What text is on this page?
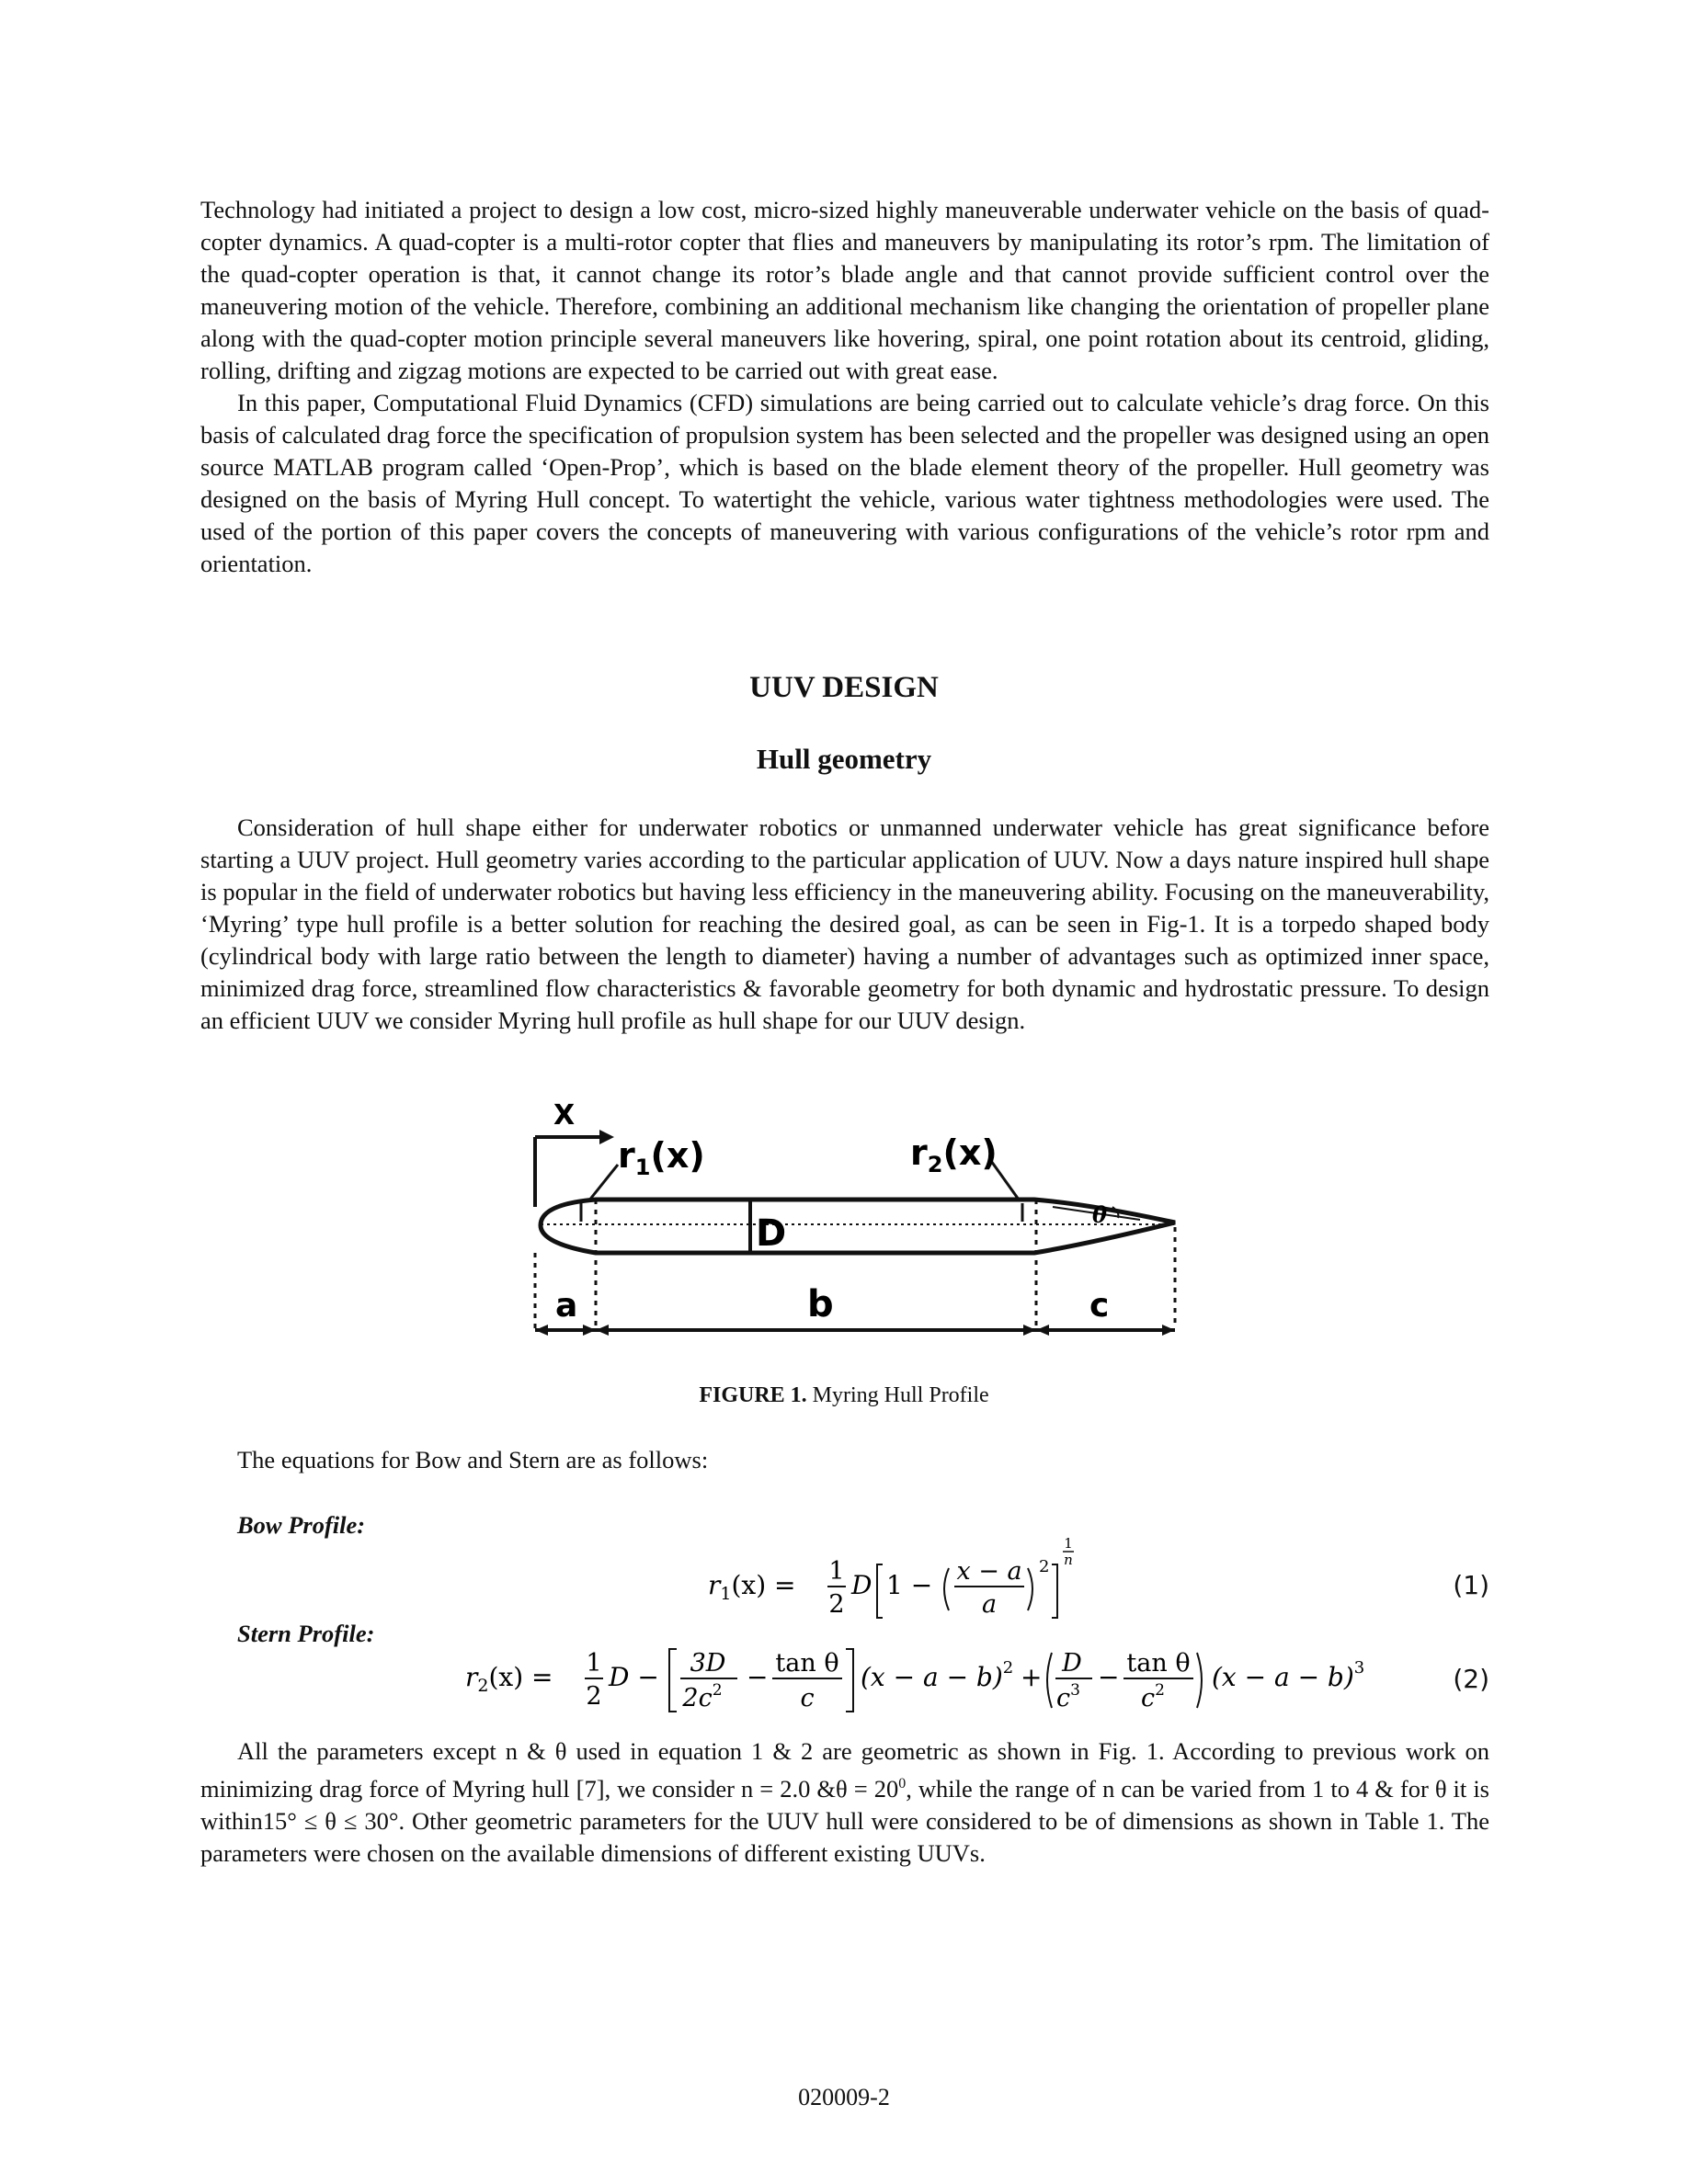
Technology had initiated a project to design a low cost, micro-sized highly maneuverable underwater vehicle on the basis of quad-copter dynamics. A quad-copter is a multi-rotor copter that flies and maneuvers by manipulating its rotor’s rpm. The limitation of the quad-copter operation is that, it cannot change its rotor’s blade angle and that cannot provide sufficient control over the maneuvering motion of the vehicle. Therefore, combining an additional mechanism like changing the orientation of propeller plane along with the quad-copter motion principle several maneuvers like hovering, spiral, one point rotation about its centroid, gliding, rolling, drifting and zigzag motions are expected to be carried out with great ease.

In this paper, Computational Fluid Dynamics (CFD) simulations are being carried out to calculate vehicle’s drag force. On this basis of calculated drag force the specification of propulsion system has been selected and the propeller was designed using an open source MATLAB program called ‘Open-Prop’, which is based on the blade element theory of the propeller. Hull geometry was designed on the basis of Myring Hull concept. To watertight the vehicle, various water tightness methodologies were used. The used of the portion of this paper covers the concepts of maneuvering with various configurations of the vehicle’s rotor rpm and orientation.

UUV DESIGN
Hull geometry

Consideration of hull shape either for underwater robotics or unmanned underwater vehicle has great significance before starting a UUV project. Hull geometry varies according to the particular application of UUV. Now a days nature inspired hull shape is popular in the field of underwater robotics but having less efficiency in the maneuvering ability. Focusing on the maneuverability, ‘Myring’ type hull profile is a better solution for reaching the desired goal, as can be seen in Fig-1. It is a torpedo shaped body (cylindrical body with large ratio between the length to diameter) having a number of advantages such as optimized inner space, minimized drag force, streamlined flow characteristics & favorable geometry for both dynamic and hydrostatic pressure. To design an efficient UUV we consider Myring hull profile as hull shape for our UUV design.

X
D
$r_1(x)$	$r_2(x)$
θ
a	b	c
FIGURE 1. Myring Hull Profile
The equations for Bow and Stern are as follows:
Bow Profile:
Stern Profile:
$r_1(x) = 1$
2
D 1 − x − a
a
2
1
n
(1)
$r_2(x) = 1$
2
D − 3D
$2c^2 - \tan \theta$
c
$(x - a - b)^2 + D$
$c^3 - \tan \theta$
$c^2$ $(x - a - b)^3$	(2)

All the parameters except n & θ used in equation 1 & 2 are geometric as shown in Fig. 1. According to previous work on minimizing drag force of Myring hull [7], we consider n = 2.0 &θ = $20^0$, while the range of n can be varied from 1 to 4 & for θ it is within15° ≤ θ ≤ 30°. Other geometric parameters for the UUV hull were considered to be of dimensions as shown in Table 1. The parameters were chosen on the available dimensions of different existing UUVs.

020009-2
